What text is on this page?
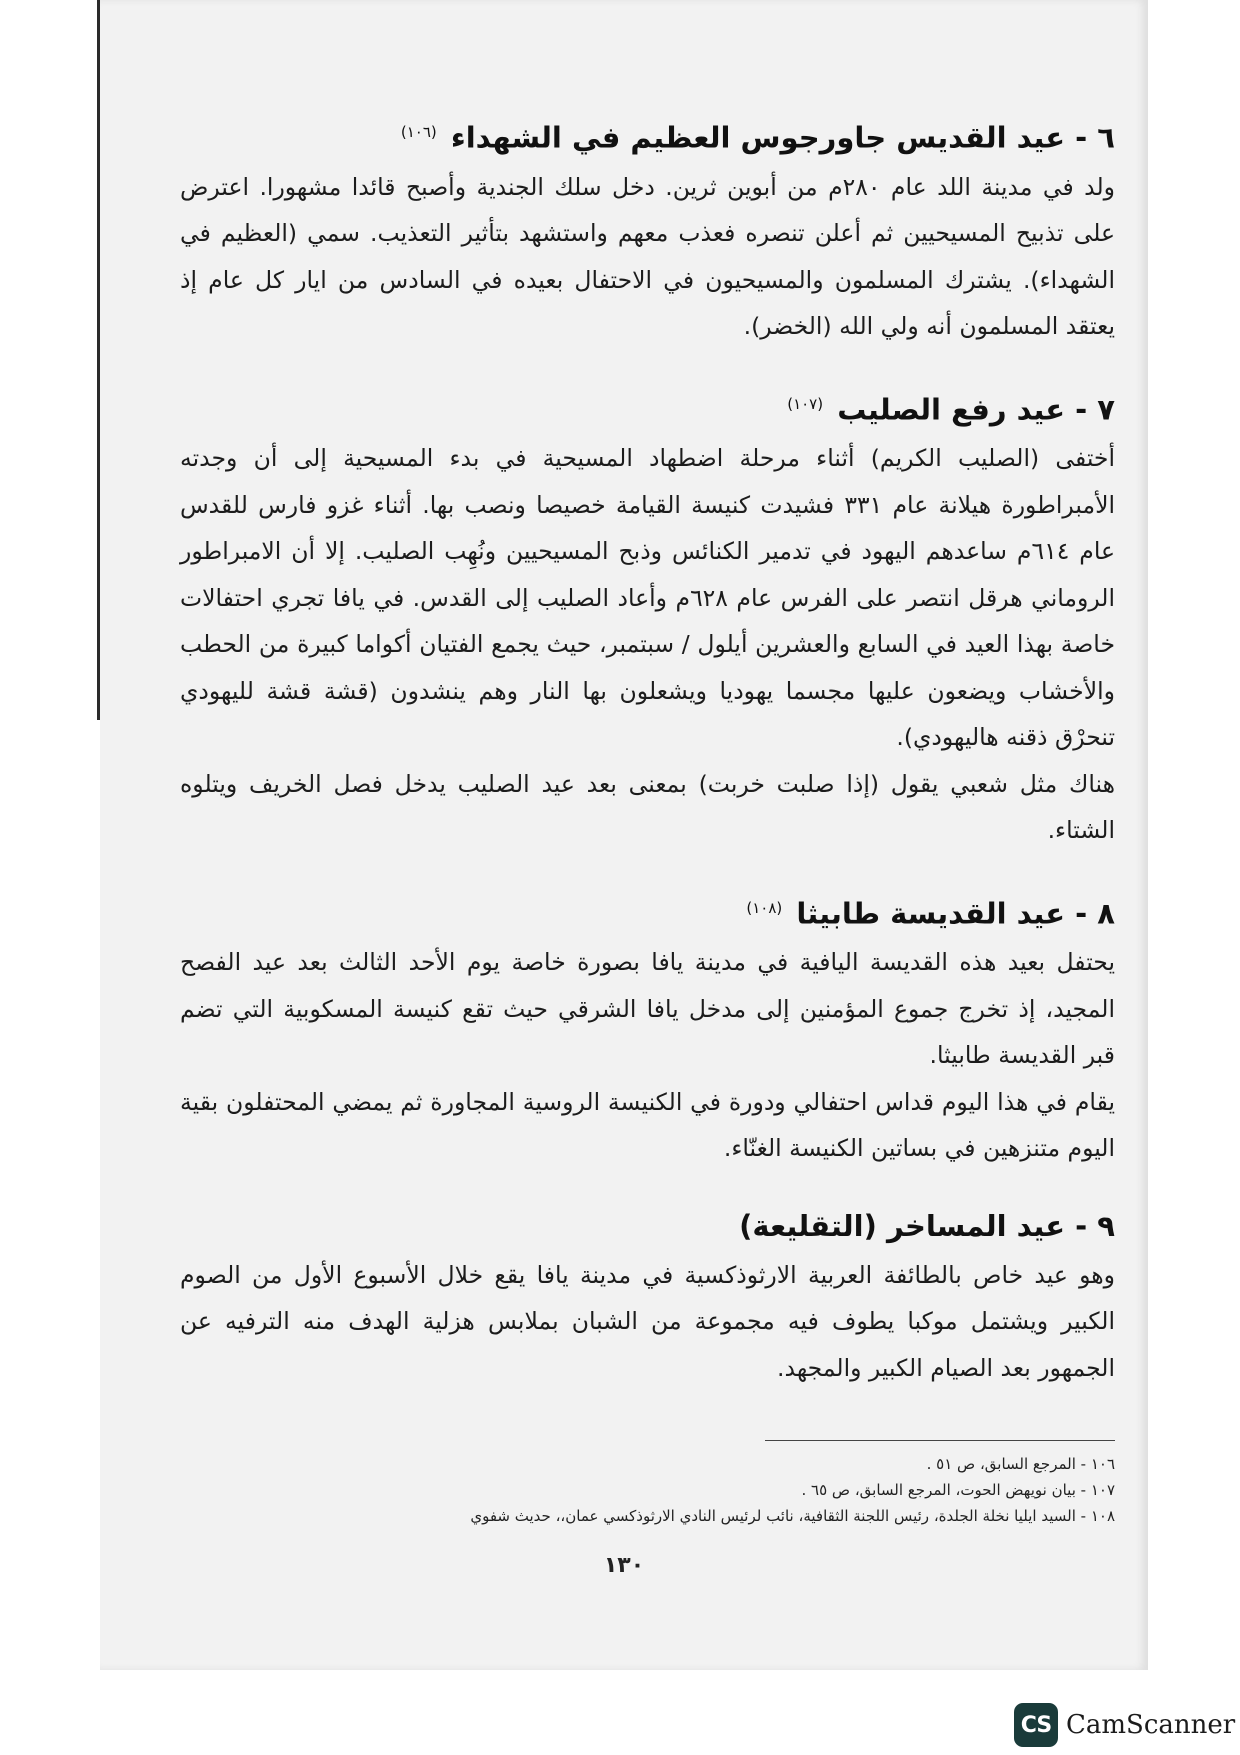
٦ - عيد القديس جاورجوس العظيم في الشهداء $^{(١٠٦)}$

ولد في مدينة اللد عام ٢٨٠م من أبوين ثرين. دخل سلك الجندية وأصبح قائدا مشهورا. اعترض على تذبيح المسيحيين ثم أعلن تنصره فعذب معهم واستشهد بتأثير التعذيب. سمي (العظيم في الشهداء). يشترك المسلمون والمسيحيون في الاحتفال بعيده في السادس من ايار كل عام إذ يعتقد المسلمون أنه ولي الله (الخضر).

٧ - عيد رفع الصليب $^{(١٠٧)}$

أختفى (الصليب الكريم) أثناء مرحلة اضطهاد المسيحية في بدء المسيحية إلى أن وجدته الأمبراطورة هيلانة عام ٣٣١ فشيدت كنيسة القيامة خصيصا ونصب بها. أثناء غزو فارس للقدس عام ٦١٤م ساعدهم اليهود في تدمير الكنائس وذبح المسيحيين ونُهِب الصليب. إلا أن الامبراطور الروماني هرقل انتصر على الفرس عام ٦٢٨م وأعاد الصليب إلى القدس. في يافا تجري احتفالات خاصة بهذا العيد في السابع والعشرين أيلول / سبتمبر، حيث يجمع الفتيان أكواما كبيرة من الحطب والأخشاب ويضعون عليها مجسما يهوديا ويشعلون بها النار وهم ينشدون (قشة قشة لليهودي تنحرْق ذقنه هاليهودي).

هناك مثل شعبي يقول (إذا صلبت خربت) بمعنى بعد عيد الصليب يدخل فصل الخريف ويتلوه الشتاء.

٨ - عيد القديسة طابيثا $^{(١٠٨)}$

يحتفل بعيد هذه القديسة اليافية في مدينة يافا بصورة خاصة يوم الأحد الثالث بعد عيد الفصح المجيد، إذ تخرج جموع المؤمنين إلى مدخل يافا الشرقي حيث تقع كنيسة المسكوبية التي تضم قبر القديسة طابيثا.

يقام في هذا اليوم قداس احتفالي ودورة في الكنيسة الروسية المجاورة ثم يمضي المحتفلون بقية اليوم متنزهين في بساتين الكنيسة الغنّاء.

٩ - عيد المساخر (التقليعة)

وهو عيد خاص بالطائفة العربية الارثوذكسية في مدينة يافا يقع خلال الأسبوع الأول من الصوم الكبير ويشتمل موكبا يطوف فيه مجموعة من الشبان بملابس هزلية الهدف منه الترفيه عن الجمهور بعد الصيام الكبير والمجهد.

١٠٦ - المرجع السابق، ص ٥١ .

١٠٧ - بيان نويهض الحوت، المرجع السابق، ص ٦٥ .

١٠٨ - السيد ايليا نخلة الجلدة، رئيس اللجنة الثقافية، نائب لرئيس النادي الارثوذكسي عمان،، حديث شفوي

١٣٠
CS CamScanner
